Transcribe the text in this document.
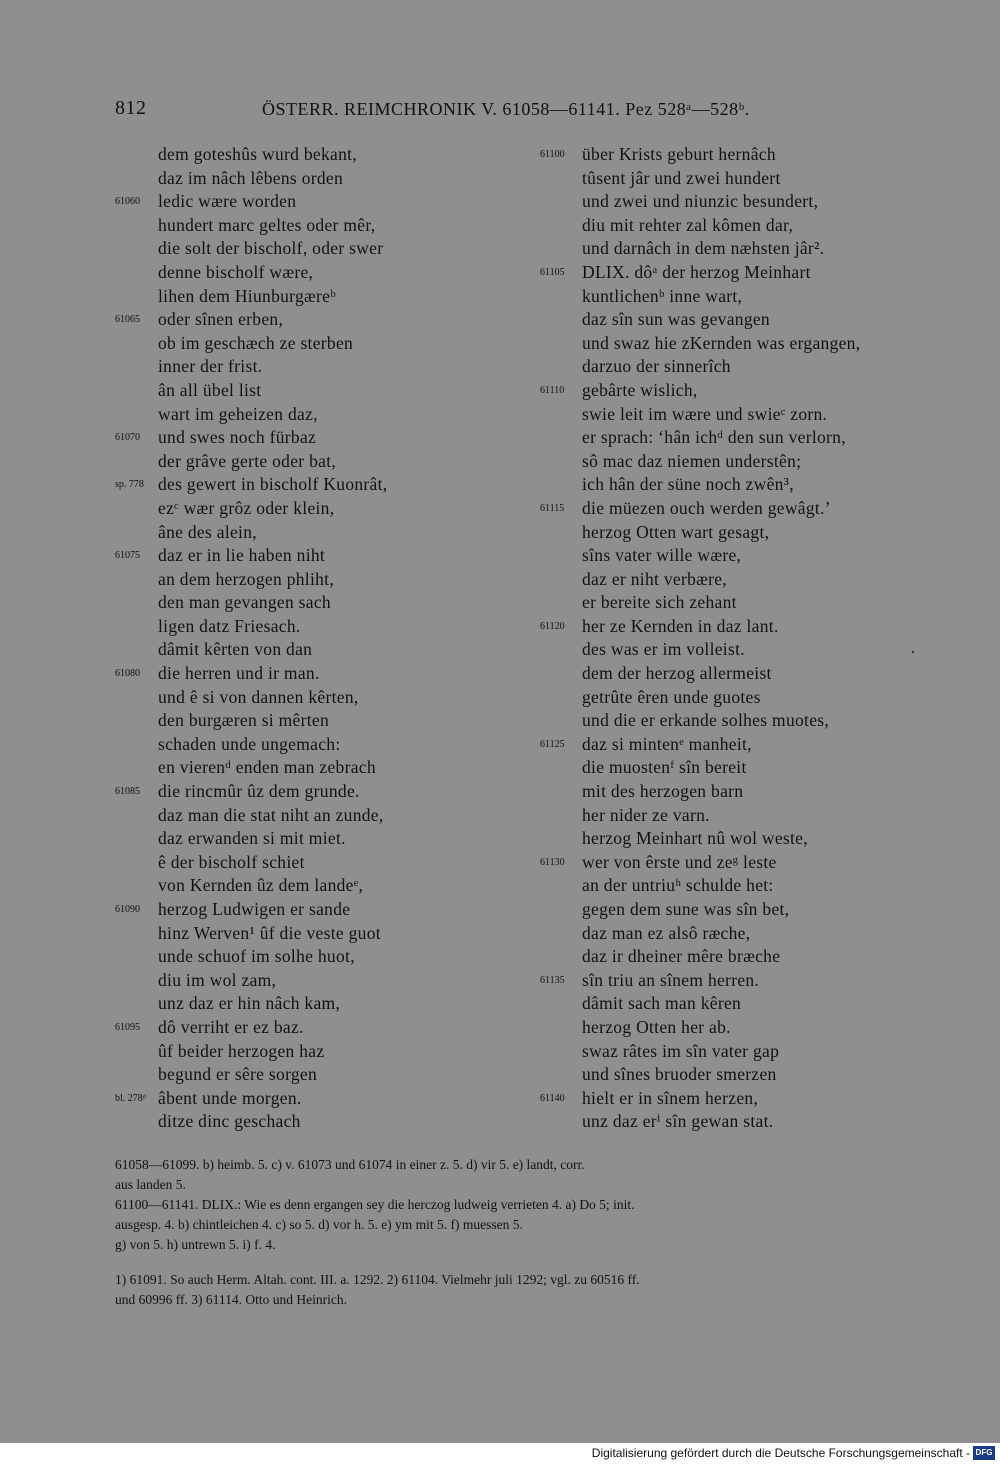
812	ÖSTERR. REIMCHRONIK V. 61058—61141. Pez 528ᵃ—528ᵇ.
dem goteshûs wurd bekant,
daz im nâch lêbens orden
61060	ledic wære worden
hundert marc geltes oder mêr,
die solt der bischolf, oder swer
denne bischolf wære,
lihen dem Hiunburgæreᵇ
61065	oder sînen erben,
ob im geschæch ze sterben
inner der frist.
ân all übel list
wart im geheizen daz,
61070	und swes noch fürbaz
der grâve gerte oder bat,
sp. 778 des gewert in bischolf Kuonrât,
ezᶜ wær grôz oder klein,
âne des alein,
61075	daz er in lie haben niht
an dem herzogen phliht,
den man gevangen sach
ligen datz Friesach.
dâmit kêrten von dan
61080	die herren und ir man.
und ê si von dannen kêrten,
den burgæren si mêrten
schaden unde ungemach:
en vierenᵈ enden man zebrach
61085	die rincmûr ûz dem grunde.
daz man die stat niht an zunde,
daz erwanden si mit miet.
ê der bischolf schiet
von Kernden ûz dem landeᵉ,
61090	herzog Ludwigen er sande
hinz Werven¹ ûf die veste guot
unde schuof im solhe huot,
diu im wol zam,
unz daz er hin nâch kam,
61095	dô verriht er ez baz.
ûf beider herzogen haz
begund er sêre sorgen
bl. 278ᵈ âbent unde morgen.
ditze dinc geschach
61100 über Krists geburt hernâch
tûsent jâr und zwei hundert
und zwei und niunzic besundert,
diu mit rehter zal kômen dar,
und darnâch in dem næhsten jâr².
61105 DLIX. dôᵃ der herzog Meinhart
kuntlichenᵇ inne wart,
daz sîn sun was gevangen
und swaz hie zKernden was ergangen,
darzuo der sinnerîch
61110	gebârte wislich,
swie leit im wære und swieᶜ zorn.
er sprach: ‘hân ichᵈ den sun verlorn,
sô mac daz niemen understên;
ich hân der süne noch zwên³,
61115	die müezen ouch werden gewâgt.’
herzog Otten wart gesagt,
sîns vater wille wære,
daz er niht verbære,
er bereite sich zehant
61120 her ze Kernden in daz lant.
des was er im volleist.
dem der herzog allermeist
getrûte êren unde guotes
und die er erkande solhes muotes,
61125 daz si mintenᵉ manheit,
die muostenᶠ sîn bereit
mit des herzogen barn
her nider ze varn.
herzog Meinhart nû wol weste,
61130 wer von êrste und zeᵍ leste
an der untriuʰ schulde het:
gegen dem sune was sîn bet,
daz man ez alsô ræche,
daz ir dheiner mêre bræche
61135 sîn triu an sînem herren.
dâmit sach man kêren
herzog Otten her ab.
swaz râtes im sîn vater gap
und sînes bruoder smerzen
61140 hielt er in sînem herzen,
unz daz erⁱ sîn gewan stat.
61058—61099. b) heimb. 5. c) v. 61073 und 61074 in einer z. 5. d) vir 5. e) landt, corr.
aus landen 5.
61100—61141. DLIX.: Wie es denn ergangen sey die herczog ludweig verrieten 4. a) Do 5; init.
ausgesp. 4. b) chintleichen 4. c) so 5. d) vor h. 5. e) ym mit 5. f) muessen 5.
g) von 5. h) untrewn 5. i) f. 4.
1) 61091. So auch Herm. Altah. cont. III. a. 1292. 2) 61104. Vielmehr juli 1292; vgl. zu 60516 ff.
und 60996 ff. 3) 61114. Otto und Heinrich.
Digitalisierung gefördert durch die Deutsche Forschungsgemeinschaft - DFG
